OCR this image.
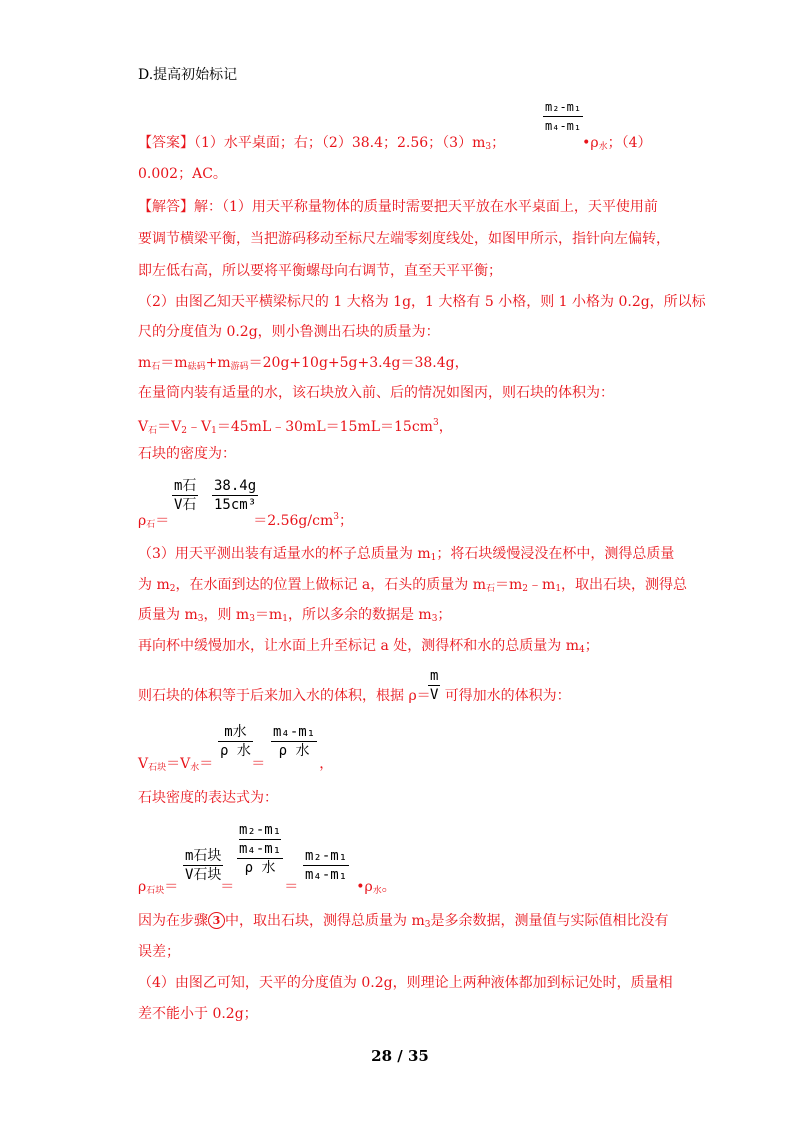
D.提高初始标记
m₂-m₁
m₄-m₁
【答案】（1）水平桌面；右；（2）38.4；2.56；$(3)m_3$；	$•\rho_水$；（4）
0.002；AC。
【解答】解：（1）用天平称量物体的质量时需要把天平放在水平桌面上，天平使用前
要调节横梁平衡，当把游码移动至标尺左端零刻度线处，如图甲所示，指针向左偏转，
即左低右高，所以要将平衡螺母向右调节，直至天平平衡；
（2）由图乙知天平横梁标尺的 1 大格为 1g，1 大格有 5 小格，则 1 小格为 0.2g，所以标
尺的分度值为 0.2g，则小鲁测出石块的质量为：
$m_石=m_{砝码}+m_{游码}=20g+10g+5g+3.4g=38.4g$，
在量筒内装有适量的水，该石块放入前、后的情况如图丙，则石块的体积为：
$V_石=V_2﹣V_1=45mL﹣30mL=15mL=15cm^3$，
石块的密度为：
m石
V石
38.4g
15cm³
$\rho_石=$	$=2.56g/cm^3$；
（3）用天平测出装有适量水的杯子总质量为 $m_1$；将石块缓慢浸没在杯中，测得总质量
为 $m_2$，在水面到达的位置上做标记 a，石头的质量为 $m_石=m_2﹣m_1$，取出石块，测得总
质量为 $m_3$，则 $m_3=m_1$，所以多余的数据是 $m_3$；
再向杯中缓慢加水，让水面上升至标记 a 处，测得杯和水的总质量为 $m_4$；
m
V
则石块的体积等于后来加入水的体积，根据 ρ＝ 可得加水的体积为：
m水
ρ 水
m₄-m₁
ρ 水
$V_{石块}=V_水=$	＝	，
石块密度的表达式为：
m石块
V石块
m₂-m₁
m₄-m₁
ρ 水
m₂-m₁
m₄-m₁
$\rho_{石块}=$	＝	＝	$•\rho_水$。
因为在步骤 3 中，取出石块，测得总质量为 $m_3$是多余数据，测量值与实际值相比没有
误差；
（4）由图乙可知，天平的分度值为 0.2g，则理论上两种液体都加到标记处时，质量相
差不能小于 0.2g；
28 / 35
